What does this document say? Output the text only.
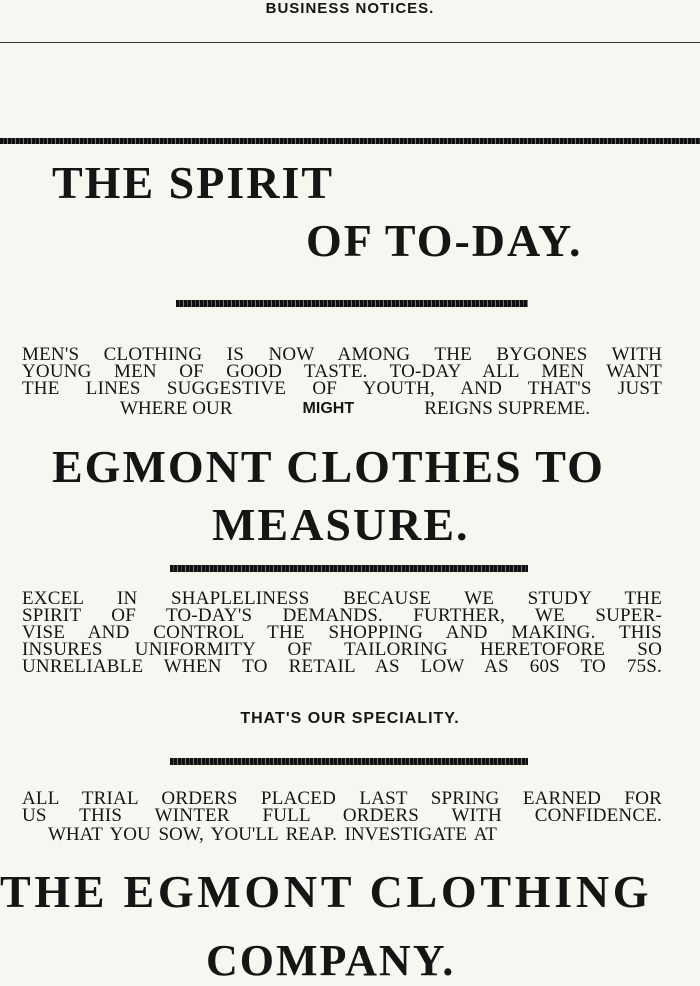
BUSINESS NOTICES.
THE SPIRIT
OF TO-DAY.
MEN'S CLOTHING IS NOW AMONG THE BYGONES WITH
YOUNG MEN OF GOOD TASTE. TO-DAY ALL MEN WANT
THE LINES SUGGESTIVE OF YOUTH, AND THAT'S JUST
WHERE OUR	MIGHT	REIGNS SUPREME.
EGMONT CLOTHES TO
MEASURE.
EXCEL IN SHAPLELINESS BECAUSE WE STUDY THE
SPIRIT OF TO-DAY'S DEMANDS. FURTHER, WE SUPER-
VISE AND CONTROL THE SHOPPING AND MAKING. THIS
INSURES UNIFORMITY OF TAILORING HERETOFORE SO
UNRELIABLE WHEN TO RETAIL AS LOW AS 60S TO 75S.
THAT'S OUR SPECIALITY.
ALL TRIAL ORDERS PLACED LAST SPRING EARNED FOR
US THIS WINTER FULL ORDERS WITH CONFIDENCE.
WHAT YOU SOW, YOU'LL REAP. INVESTIGATE AT
THE EGMONT CLOTHING
COMPANY.
